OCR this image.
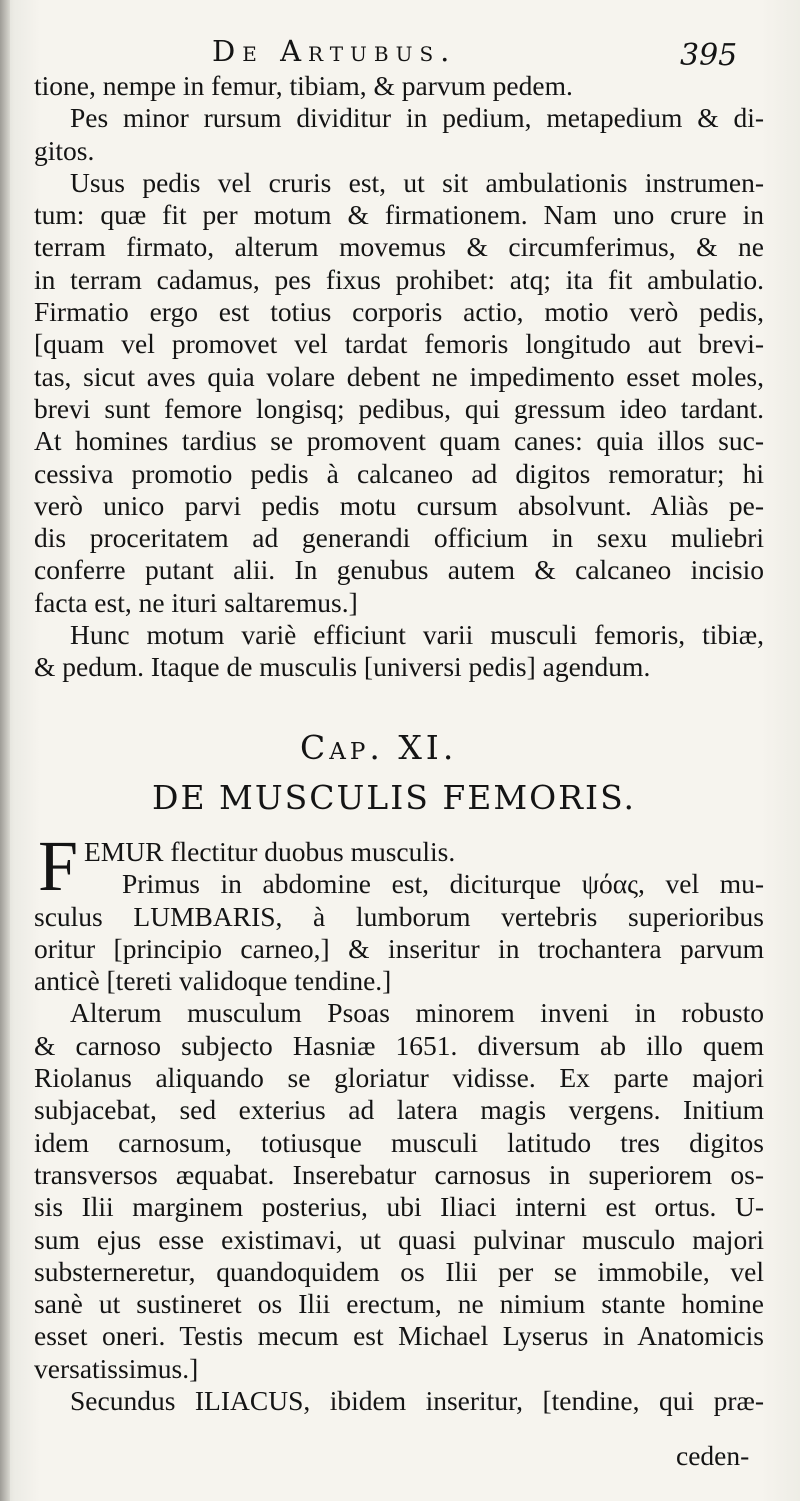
De Artubus.	395
tione, nempe in femur, tibiam, & parvum pedem.
Pes minor rursum dividitur in pedium, metapedium & di-
gitos.
Usus pedis vel cruris est, ut sit ambulationis instrumen-
tum: quæ fit per motum & firmationem. Nam uno crure in
terram firmato, alterum movemus & circumferimus, & ne
in terram cadamus, pes fixus prohibet: atq; ita fit ambulatio.
Firmatio ergo est totius corporis actio, motio verò pedis,
[quam vel promovet vel tardat femoris longitudo aut brevi-
tas, sicut aves quia volare debent ne impedimento esset moles,
brevi sunt femore longisq; pedibus, qui gressum ideo tardant.
At homines tardius se promovent quam canes: quia illos suc-
cessiva promotio pedis à calcaneo ad digitos remoratur; hi
verò unico parvi pedis motu cursum absolvunt. Aliàs pe-
dis proceritatem ad generandi officium in sexu muliebri
conferre putant alii. In genubus autem & calcaneo incisio
facta est, ne ituri saltaremus.]
Hunc motum variè efficiunt varii musculi femoris, tibiæ,
& pedum. Itaque de musculis [universi pedis] agendum.
Cap. XI.
DE MUSCULIS FEMORIS.
F EMUR flectitur duobus musculis.
Primus in abdomine est, diciturque ψόας, vel mu-
sculus LUMBARIS, à lumborum vertebris superioribus
oritur [principio carneo,] & inseritur in trochantera parvum
anticè [tereti validoque tendine.]
Alterum musculum Psoas minorem inveni in robusto
& carnoso subjecto Hasniæ 1651. diversum ab illo quem
Riolanus aliquando se gloriatur vidisse. Ex parte majori
subjacebat, sed exterius ad latera magis vergens. Initium
idem carnosum, totiusque musculi latitudo tres digitos
transversos æquabat. Inserebatur carnosus in superiorem os-
sis Ilii marginem posterius, ubi Iliaci interni est ortus. U-
sum ejus esse existimavi, ut quasi pulvinar musculo majori
substerneretur, quandoquidem os Ilii per se immobile, vel
sanè ut sustineret os Ilii erectum, ne nimium stante homine
esset oneri. Testis mecum est Michael Lyserus in Anatomicis
versatissimus.]
Secundus ILIACUS, ibidem inseritur, [tendine, qui præ-
ceden-
